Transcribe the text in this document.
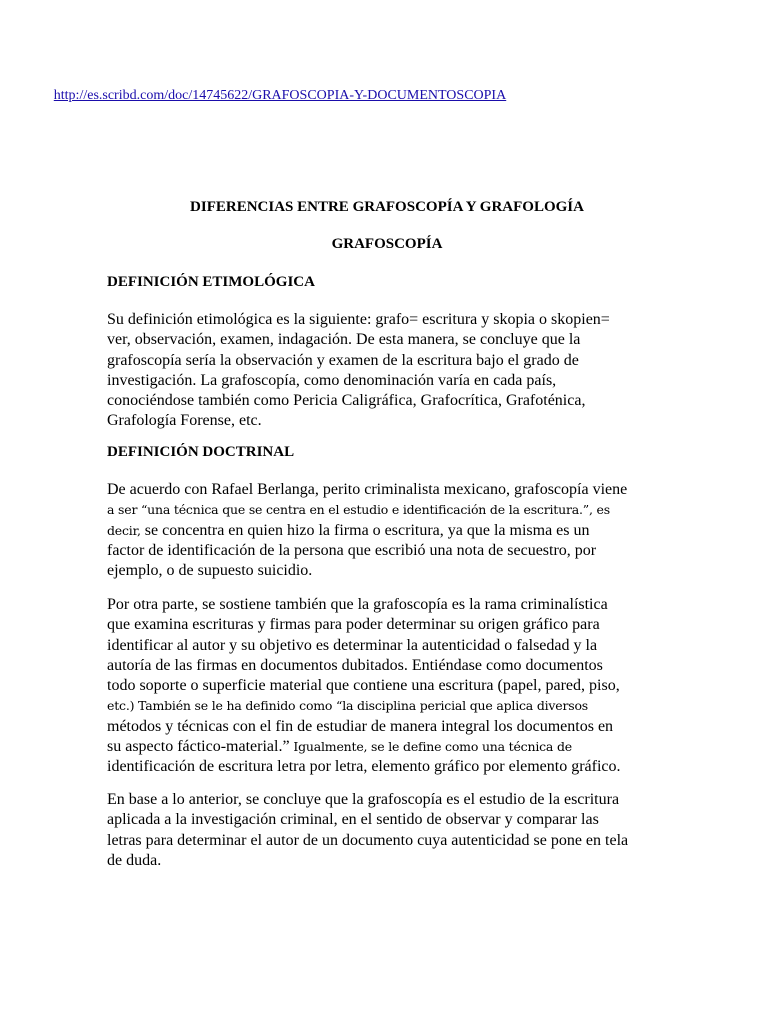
http://es.scribd.com/doc/14745622/GRAFOSCOPIA-Y-DOCUMENTOSCOPIA
DIFERENCIAS ENTRE GRAFOSCOPÍA Y GRAFOLOGÍA
GRAFOSCOPÍA
DEFINICIÓN ETIMOLÓGICA
Su definición etimológica es la siguiente: grafo= escritura y skopia o skopien=
ver, observación, examen, indagación. De esta manera, se concluye que la
grafoscopía sería la observación y examen de la escritura bajo el grado de
investigación. La grafoscopía, como denominación varía en cada país,
conociéndose también como Pericia Caligráfica, Grafocrítica, Grafoténica,
Grafología Forense, etc.
DEFINICIÓN DOCTRINAL
De acuerdo con Rafael Berlanga, perito criminalista mexicano, grafoscopía viene
a ser “una técnica que se centra en el estudio e identificación de la escritura.”, es
decir, se concentra en quien hizo la firma o escritura, ya que la misma es un
factor de identificación de la persona que escribió una nota de secuestro, por
ejemplo, o de supuesto suicidio.
Por otra parte, se sostiene también que la grafoscopía es la rama criminalística
que examina escrituras y firmas para poder determinar su origen gráfico para
identificar al autor y su objetivo es determinar la autenticidad o falsedad y la
autoría de las firmas en documentos dubitados. Entiéndase como documentos
todo soporte o superficie material que contiene una escritura (papel, pared, piso,
etc.) También se le ha definido como “la disciplina pericial que aplica diversos
métodos y técnicas con el fin de estudiar de manera integral los documentos en
su aspecto fáctico-material.” Igualmente, se le define como una técnica de
identificación de escritura letra por letra, elemento gráfico por elemento gráfico.
En base a lo anterior, se concluye que la grafoscopía es el estudio de la escritura
aplicada a la investigación criminal, en el sentido de observar y comparar las
letras para determinar el autor de un documento cuya autenticidad se pone en tela
de duda.
